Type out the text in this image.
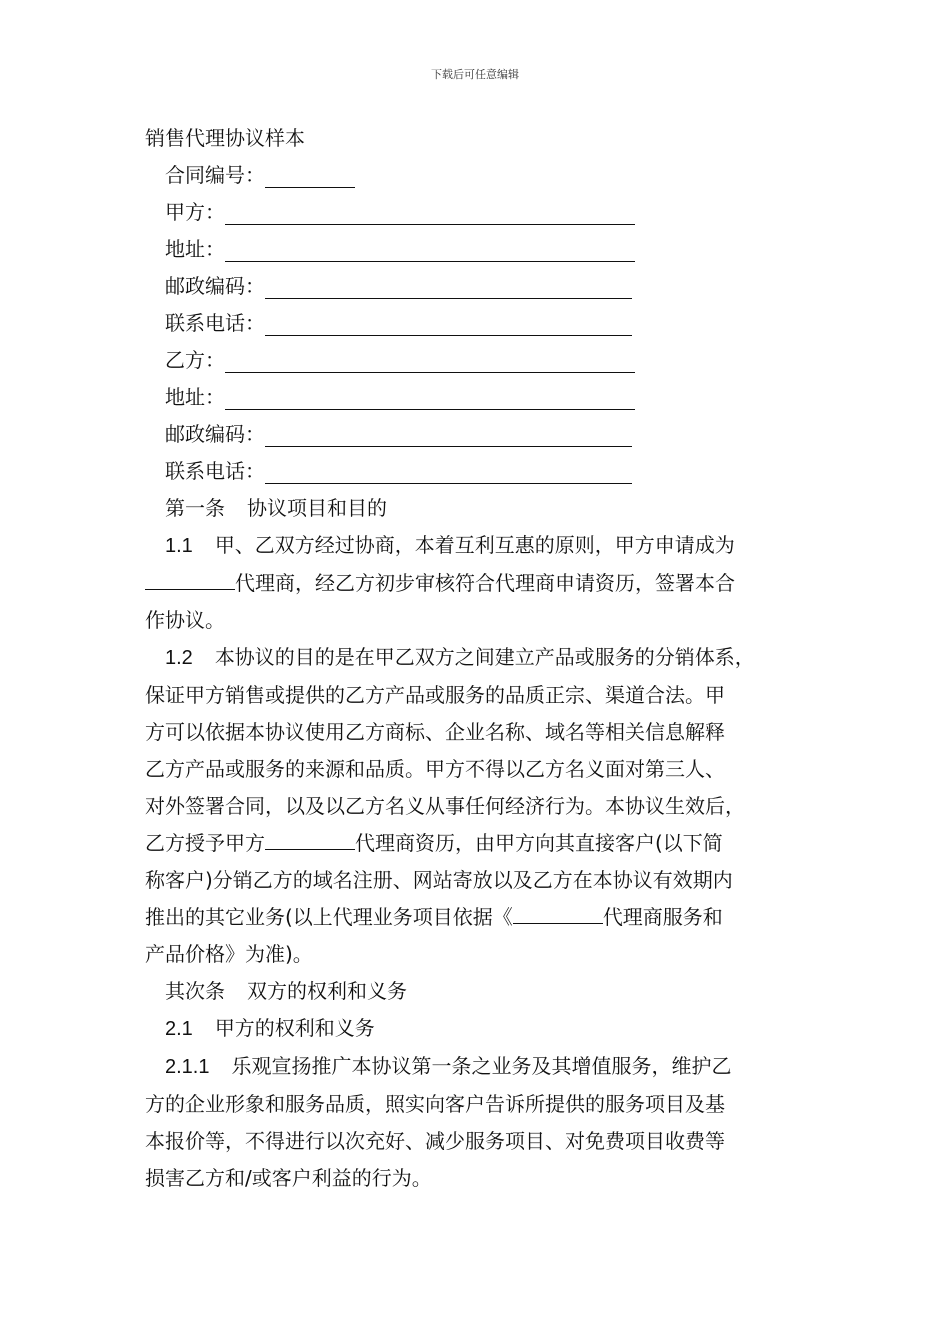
下载后可任意编辑

销售代理协议样本

合同编号：
甲方：
地址：
邮政编码：
联系电话：
乙方：
地址：
邮政编码：
联系电话：

第一条 协议项目和目的

1.1 甲、乙双方经过协商，本着互利互惠的原则，甲方申请成为

代理商，经乙方初步审核符合代理商申请资历，签署本合

作协议。

1.2 本协议的目的是在甲乙双方之间建立产品或服务的分销体系，

保证甲方销售或提供的乙方产品或服务的品质正宗、渠道合法。甲

方可以依据本协议使用乙方商标、企业名称、域名等相关信息解释

乙方产品或服务的来源和品质。甲方不得以乙方名义面对第三人、

对外签署合同，以及以乙方名义从事任何经济行为。本协议生效后，

乙方授予甲方	代理商资历，由甲方向其直接客户(以下简

称客户)分销乙方的域名注册、网站寄放以及乙方在本协议有效期内

推出的其它业务(以上代理业务项目依据《	代理商服务和

产品价格》为准)。

其次条 双方的权利和义务

2.1 甲方的权利和义务

2.1.1 乐观宣扬推广本协议第一条之业务及其增值服务，维护乙

方的企业形象和服务品质，照实向客户告诉所提供的服务项目及基

本报价等，不得进行以次充好、减少服务项目、对免费项目收费等

损害乙方和/或客户利益的行为。
